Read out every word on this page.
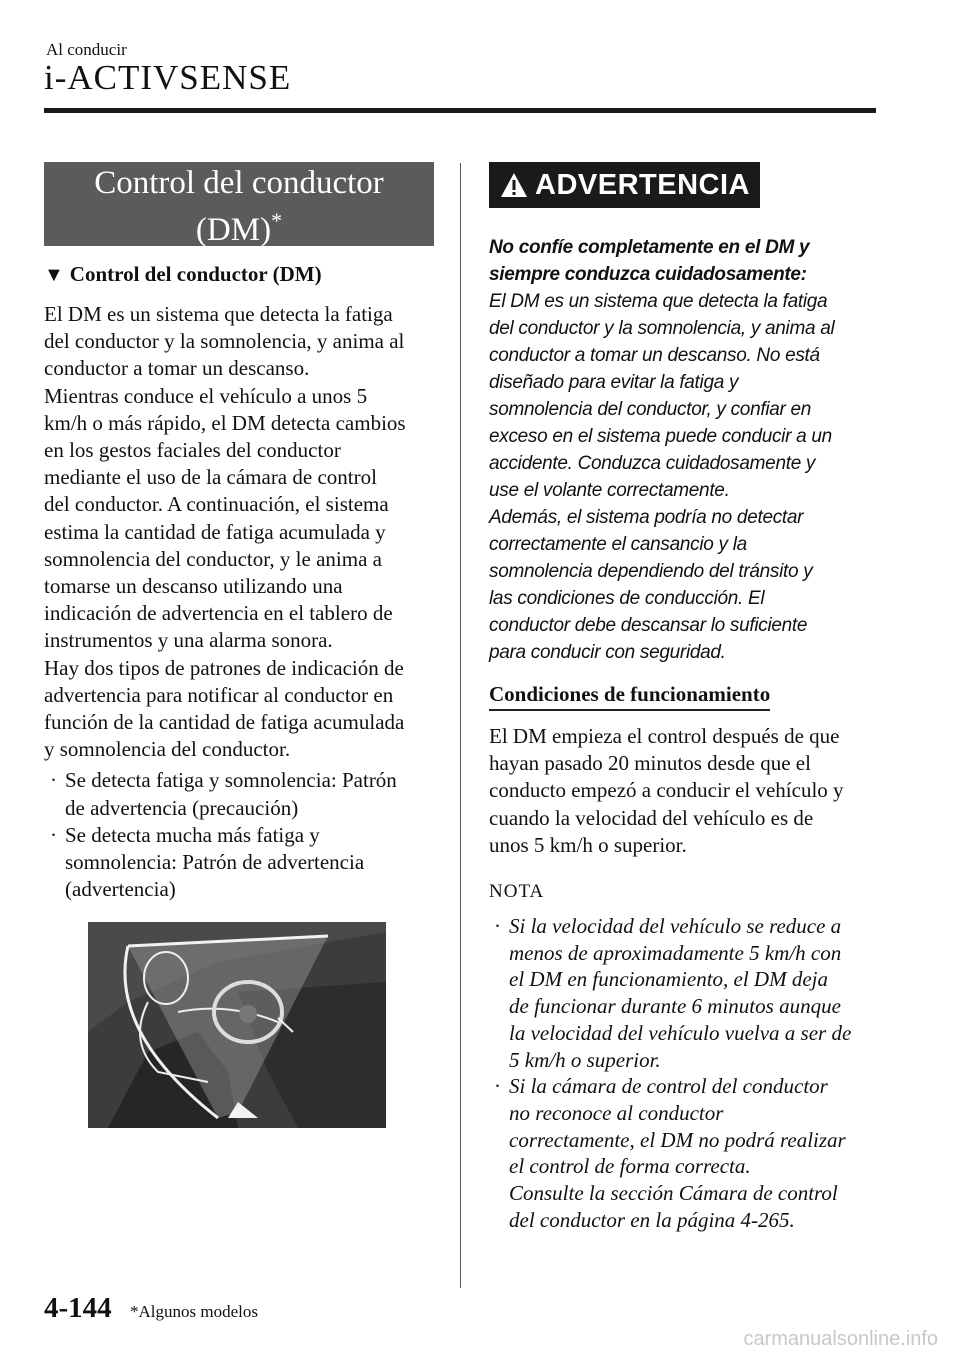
Al conducir
i-ACTIVSENSE
Control del conductor
(DM)*
▼ Control del conductor (DM)
El DM es un sistema que detecta la fatiga
del conductor y la somnolencia, y anima al
conductor a tomar un descanso.
Mientras conduce el vehículo a unos 5
km/h o más rápido, el DM detecta cambios
en los gestos faciales del conductor
mediante el uso de la cámara de control
del conductor. A continuación, el sistema
estima la cantidad de fatiga acumulada y
somnolencia del conductor, y le anima a
tomarse un descanso utilizando una
indicación de advertencia en el tablero de
instrumentos y una alarma sonora.
Hay dos tipos de patrones de indicación de
advertencia para notificar al conductor en
función de la cantidad de fatiga acumulada
y somnolencia del conductor.
· Se detecta fatiga y somnolencia: Patrón
de advertencia (precaución)
· Se detecta mucha más fatiga y
somnolencia: Patrón de advertencia
(advertencia)
ADVERTENCIA
No confíe completamente en el DM y
siempre conduzca cuidadosamente:
El DM es un sistema que detecta la fatiga
del conductor y la somnolencia, y anima al
conductor a tomar un descanso. No está
diseñado para evitar la fatiga y
somnolencia del conductor, y confiar en
exceso en el sistema puede conducir a un
accidente. Conduzca cuidadosamente y
use el volante correctamente.
Además, el sistema podría no detectar
correctamente el cansancio y la
somnolencia dependiendo del tránsito y
las condiciones de conducción. El
conductor debe descansar lo suficiente
para conducir con seguridad.
Condiciones de funcionamiento
El DM empieza el control después de que
hayan pasado 20 minutos desde que el
conducto empezó a conducir el vehículo y
cuando la velocidad del vehículo es de
unos 5 km/h o superior.
NOTA
· Si la velocidad del vehículo se reduce a
menos de aproximadamente 5 km/h con
el DM en funcionamiento, el DM deja
de funcionar durante 6 minutos aunque
la velocidad del vehículo vuelva a ser de
5 km/h o superior.
· Si la cámara de control del conductor
no reconoce al conductor
correctamente, el DM no podrá realizar
el control de forma correcta.
Consulte la sección Cámara de control
del conductor en la página 4-265.
4-144 *Algunos modelos
carmanualsonline.info
